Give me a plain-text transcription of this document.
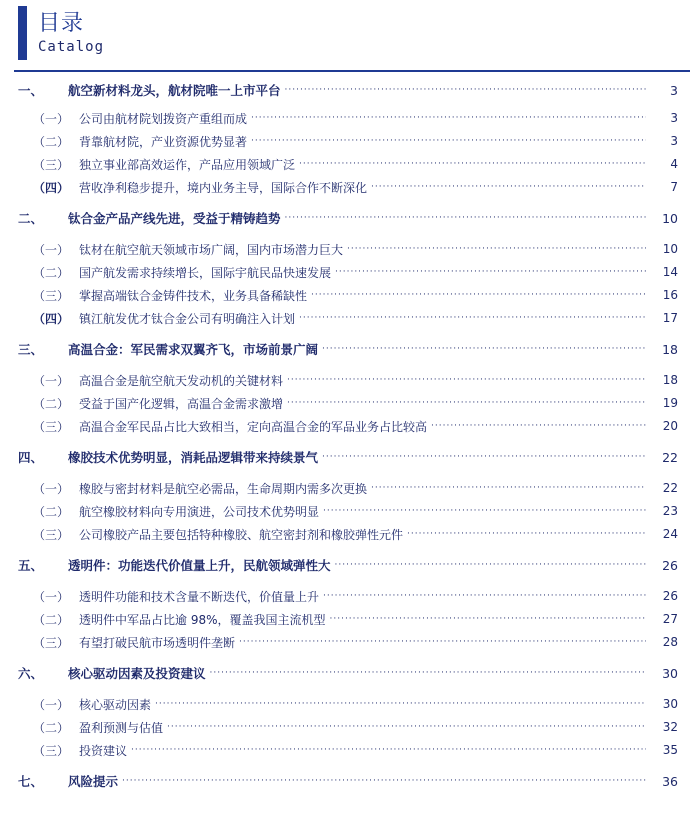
目录
Catalog
一、	航空新材料龙头，航材院唯一上市平台 ·····	3
（一） 公司由航材院划拨资产重组而成 ·····	3
（二） 背靠航材院，产业资源优势显著 ·····	3
（三） 独立事业部高效运作，产品应用领域广泛 ·····	4
（四） 营收净利稳步提升，境内业务主导，国际合作不断深化 ·····	7
二、	钛合金产品产线先进，受益于精铸趋势 ·····	10
（一） 钛材在航空航天领域市场广阔，国内市场潜力巨大 ·····	10
（二） 国产航发需求持续增长，国际宇航民品快速发展 ·····	14
（三） 掌握高端钛合金铸件技术，业务具备稀缺性 ·····	16
（四） 镇江航发优才钛合金公司有明确注入计划 ·····	17
三、	高温合金：军民需求双翼齐飞，市场前景广阔 ·····	18
（一） 高温合金是航空航天发动机的关键材料 ·····	18
（二） 受益于国产化逻辑，高温合金需求激增 ·····	19
（三） 高温合金军民品占比大致相当，定向高温合金的军品业务占比较高 ·····	20
四、	橡胶技术优势明显，消耗品逻辑带来持续景气 ·····	22
（一） 橡胶与密封材料是航空必需品，生命周期内需多次更换 ·····	22
（二） 航空橡胶材料向专用演进，公司技术优势明显 ·····	23
（三） 公司橡胶产品主要包括特种橡胶、航空密封剂和橡胶弹性元件 ·····	24
五、	透明件：功能迭代价值量上升，民航领域弹性大 ·····	26
（一） 透明件功能和技术含量不断迭代，价值量上升 ·····	26
（二） 透明件中军品占比逾 98%，覆盖我国主流机型 ·····	27
（三） 有望打破民航市场透明件垄断 ·····	28
六、	核心驱动因素及投资建议 ·····	30
（一） 核心驱动因素 ·····	30
（二） 盈利预测与估值 ·····	32
（三） 投资建议 ·····	35
七、	风险提示 ·····	36
